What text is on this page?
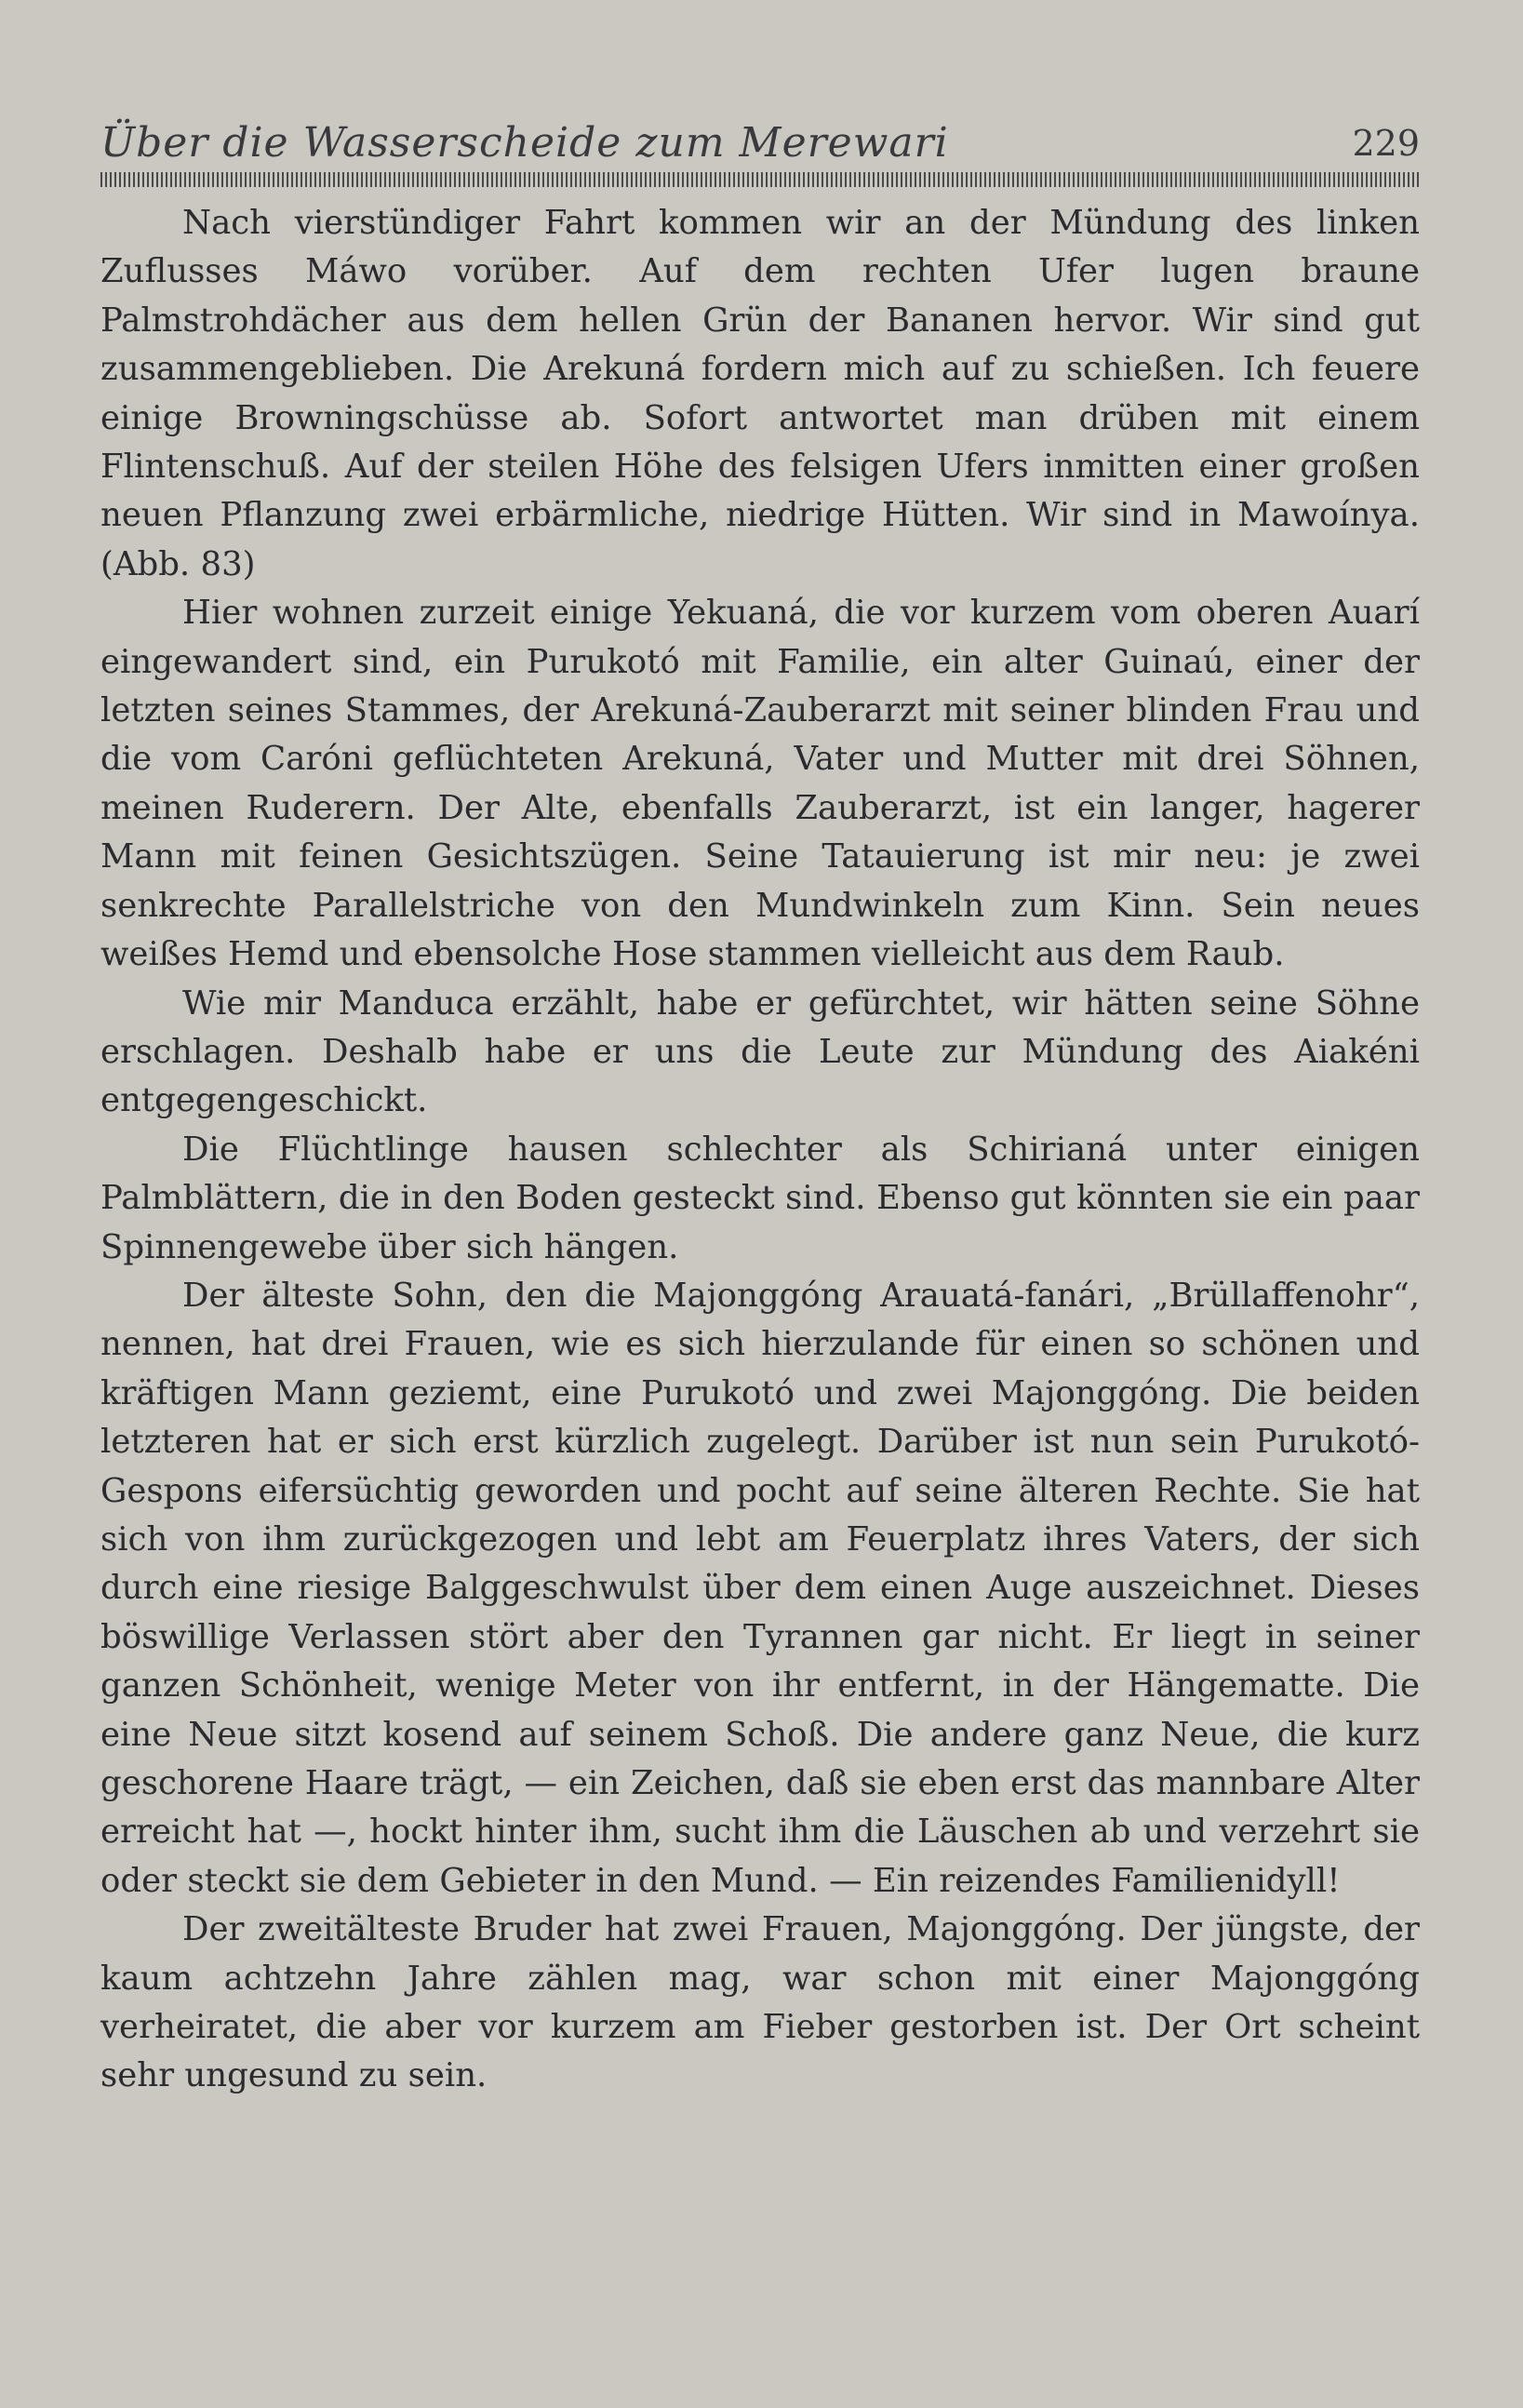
Über die Wasserscheide zum Merewari	229

Nach vierstündiger Fahrt kommen wir an der Mündung des linken Zuflusses Máwo vorüber. Auf dem rechten Ufer lugen braune Palmstrohdächer aus dem hellen Grün der Bananen hervor. Wir sind gut zusammengeblieben. Die Arekuná fordern mich auf zu schießen. Ich feuere einige Browningschüsse ab. Sofort antwortet man drüben mit einem Flintenschuß. Auf der steilen Höhe des felsigen Ufers inmitten einer großen neuen Pflanzung zwei erbärmliche, niedrige Hütten. Wir sind in Mawoínya. (Abb. 83)

Hier wohnen zurzeit einige Yekuaná, die vor kurzem vom oberen Auarí eingewandert sind, ein Purukotó mit Familie, ein alter Guinaú, einer der letzten seines Stammes, der Arekuná-Zauberarzt mit seiner blinden Frau und die vom Caróni geflüchteten Arekuná, Vater und Mutter mit drei Söhnen, meinen Ruderern. Der Alte, ebenfalls Zauberarzt, ist ein langer, hagerer Mann mit feinen Gesichtszügen. Seine Tatauierung ist mir neu: je zwei senkrechte Parallelstriche von den Mundwinkeln zum Kinn. Sein neues weißes Hemd und ebensolche Hose stammen vielleicht aus dem Raub.

Wie mir Manduca erzählt, habe er gefürchtet, wir hätten seine Söhne erschlagen. Deshalb habe er uns die Leute zur Mündung des Aiakéni entgegengeschickt.

Die Flüchtlinge hausen schlechter als Schirianá unter einigen Palmblättern, die in den Boden gesteckt sind. Ebenso gut könnten sie ein paar Spinnengewebe über sich hängen.

Der älteste Sohn, den die Majonggóng Arauatá-fanári, „Brüllaffenohr“, nennen, hat drei Frauen, wie es sich hierzulande für einen so schönen und kräftigen Mann geziemt, eine Purukotó und zwei Majonggóng. Die beiden letzteren hat er sich erst kürzlich zugelegt. Darüber ist nun sein Purukotó-Gespons eifersüchtig geworden und pocht auf seine älteren Rechte. Sie hat sich von ihm zurückgezogen und lebt am Feuerplatz ihres Vaters, der sich durch eine riesige Balggeschwulst über dem einen Auge auszeichnet. Dieses böswillige Verlassen stört aber den Tyrannen gar nicht. Er liegt in seiner ganzen Schönheit, wenige Meter von ihr entfernt, in der Hängematte. Die eine Neue sitzt kosend auf seinem Schoß. Die andere ganz Neue, die kurz geschorene Haare trägt, — ein Zeichen, daß sie eben erst das mannbare Alter erreicht hat —, hockt hinter ihm, sucht ihm die Läuschen ab und verzehrt sie oder steckt sie dem Gebieter in den Mund. — Ein reizendes Familienidyll!

Der zweitälteste Bruder hat zwei Frauen, Majonggóng. Der jüngste, der kaum achtzehn Jahre zählen mag, war schon mit einer Majonggóng verheiratet, die aber vor kurzem am Fieber gestorben ist. Der Ort scheint sehr ungesund zu sein.
